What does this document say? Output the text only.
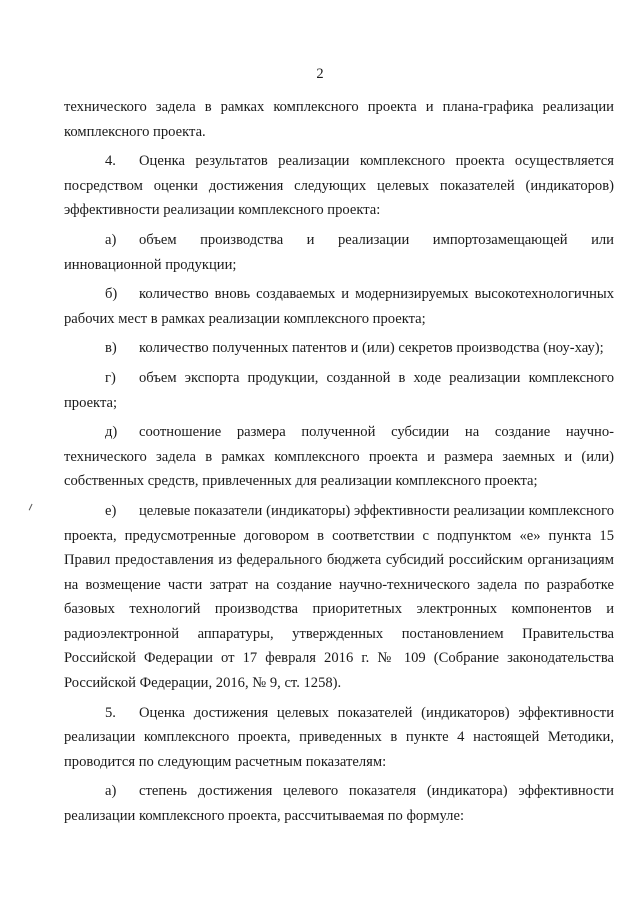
2

технического задела в рамках комплексного проекта и плана-графика реализации комплексного проекта.

4. Оценка результатов реализации комплексного проекта осуществляется посредством оценки достижения следующих целевых показателей (индикаторов) эффективности реализации комплексного проекта:

а) объем производства и реализации импортозамещающей или инновационной продукции;

б) количество вновь создаваемых и модернизируемых высокотехнологичных рабочих мест в рамках реализации комплексного проекта;

в) количество полученных патентов и (или) секретов производства (ноу-хау);

г) объем экспорта продукции, созданной в ходе реализации комплексного проекта;

д) соотношение размера полученной субсидии на создание научно-технического задела в рамках комплексного проекта и размера заемных и (или) собственных средств, привлеченных для реализации комплексного проекта;

е) целевые показатели (индикаторы) эффективности реализации комплексного проекта, предусмотренные договором в соответствии с подпунктом «е» пункта 15 Правил предоставления из федерального бюджета субсидий российским организациям на возмещение части затрат на создание научно-технического задела по разработке базовых технологий производства приоритетных электронных компонентов и радиоэлектронной аппаратуры, утвержденных постановлением Правительства Российской Федерации от 17 февраля 2016 г. № 109 (Собрание законодательства Российской Федерации, 2016, № 9, ст. 1258).

5. Оценка достижения целевых показателей (индикаторов) эффективности реализации комплексного проекта, приведенных в пункте 4 настоящей Методики, проводится по следующим расчетным показателям:

а) степень достижения целевого показателя (индикатора) эффективности реализации комплексного проекта, рассчитываемая по формуле:
